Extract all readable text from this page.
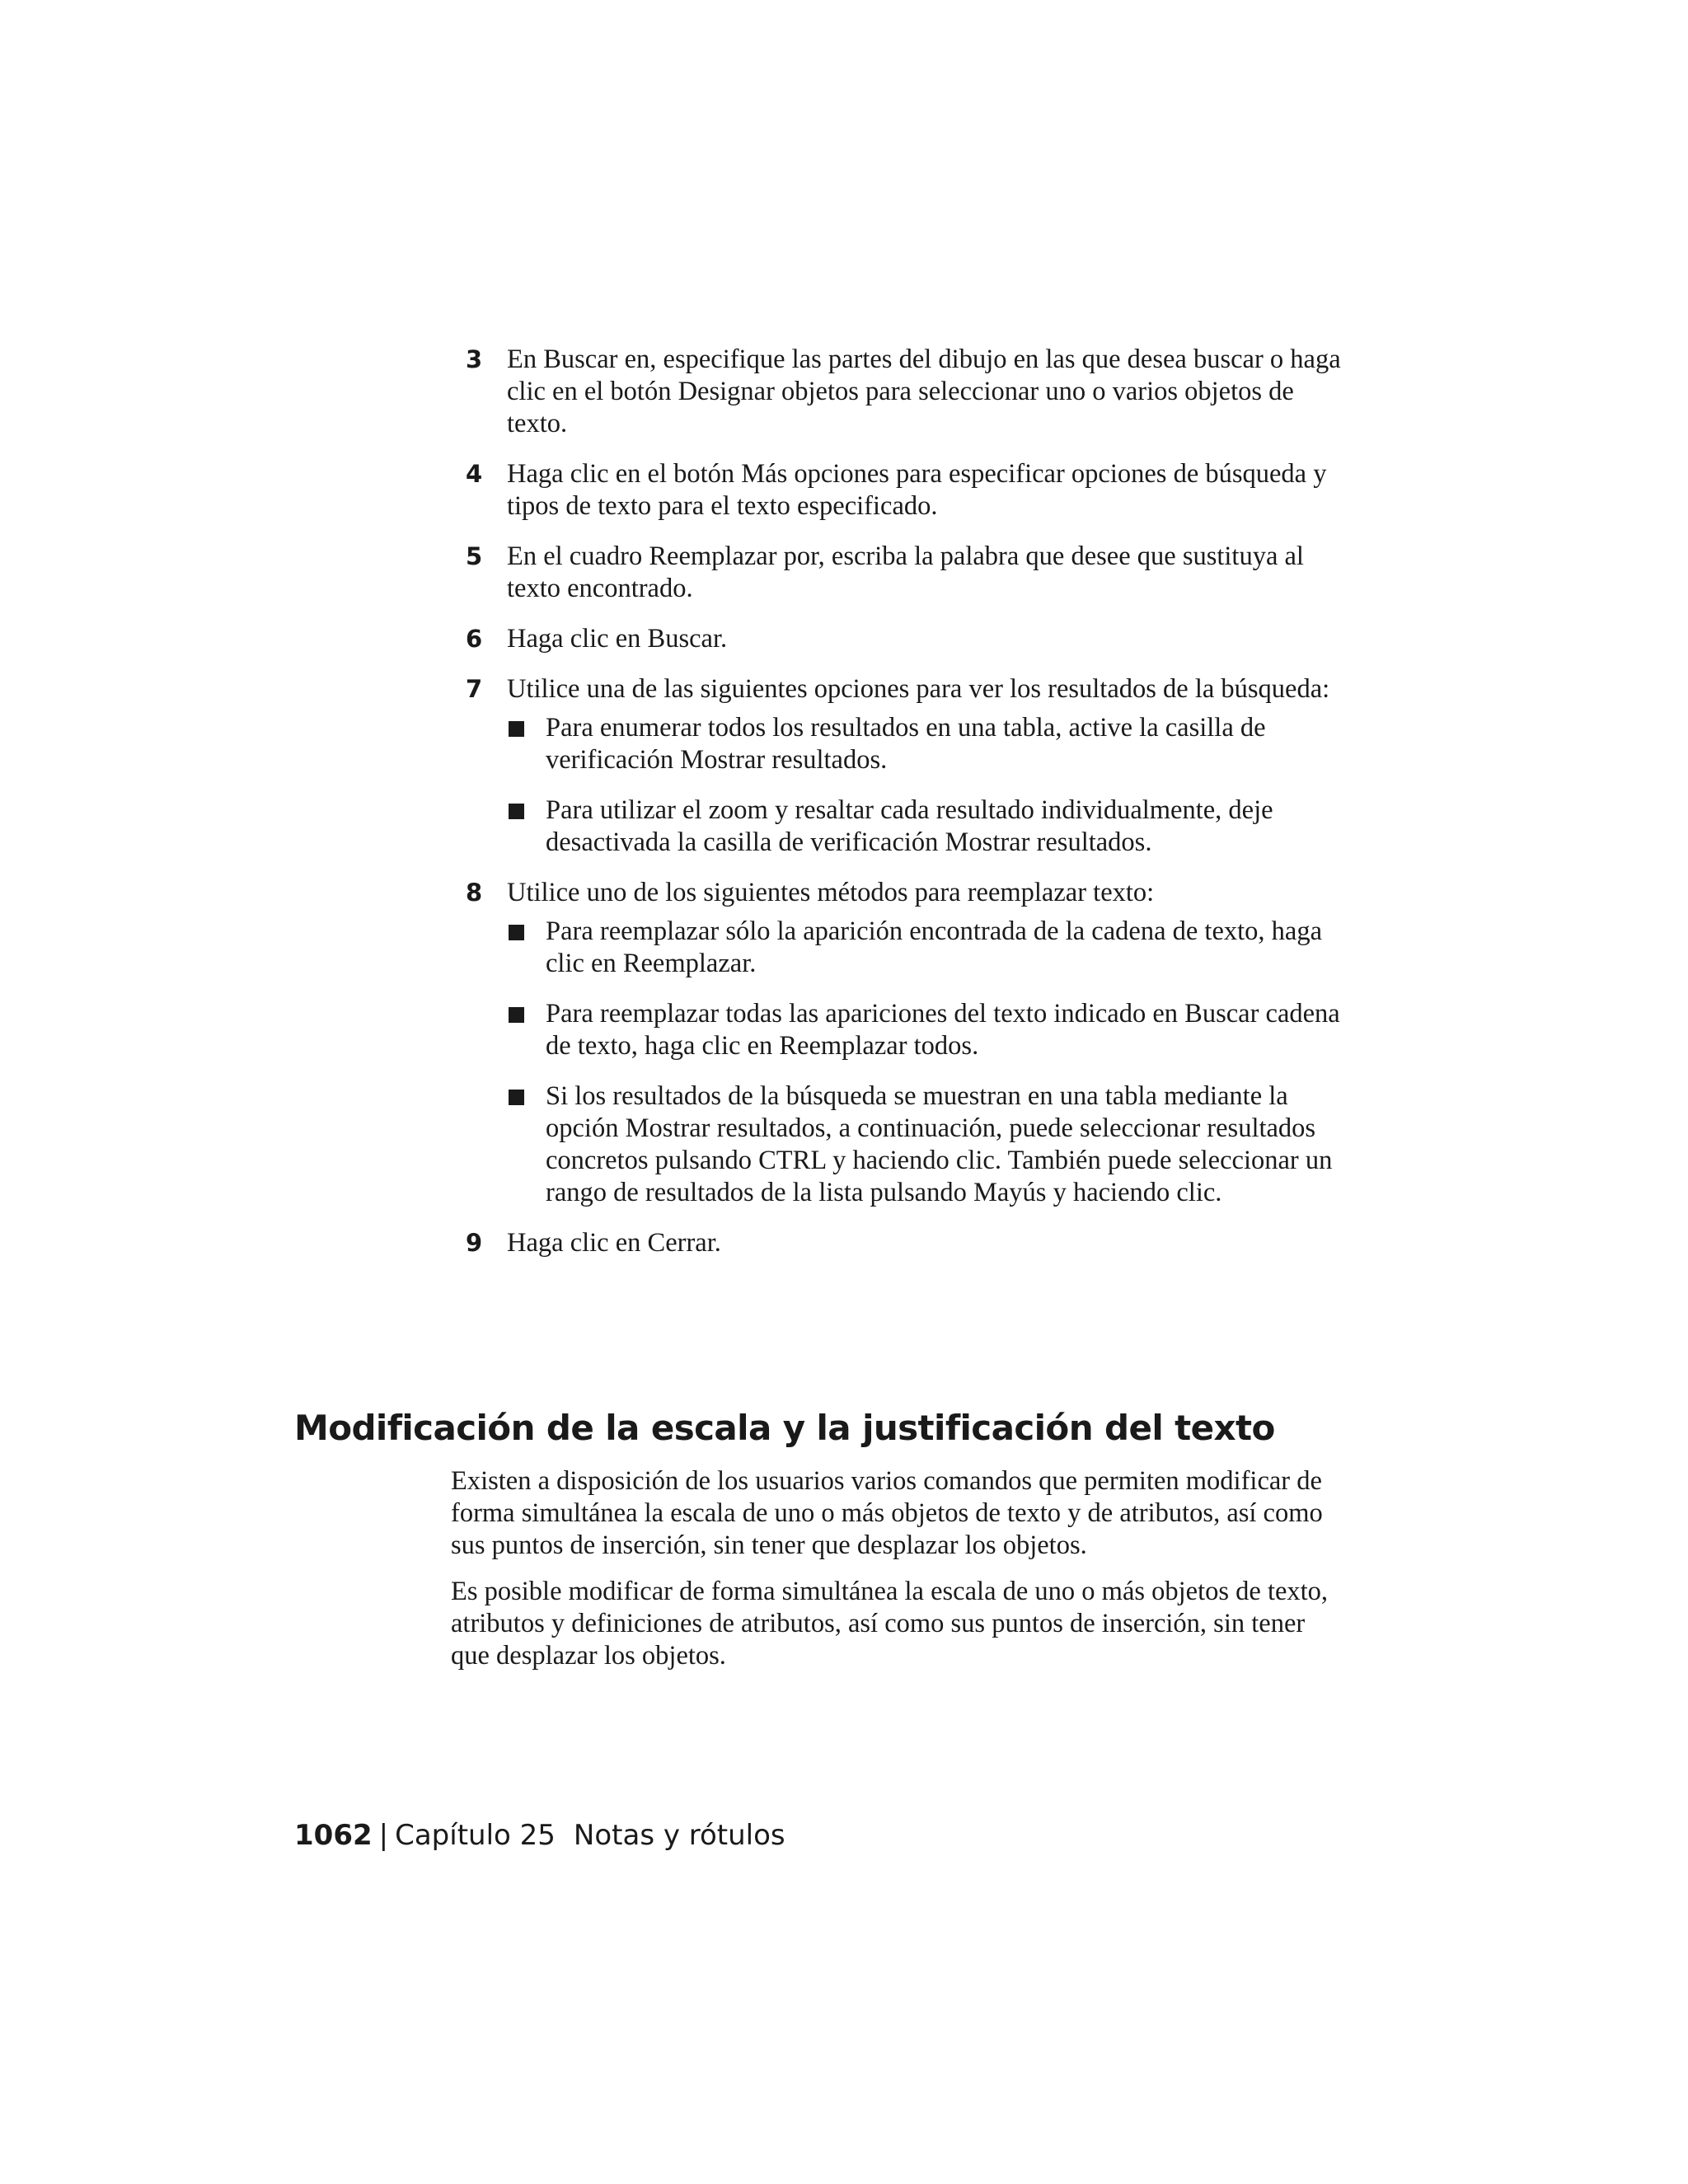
3 En Buscar en, especifique las partes del dibujo en las que desea buscar o haga clic en el botón Designar objetos para seleccionar uno o varios objetos de texto.
4 Haga clic en el botón Más opciones para especificar opciones de búsqueda y tipos de texto para el texto especificado.
5 En el cuadro Reemplazar por, escriba la palabra que desee que sustituya al texto encontrado.
6 Haga clic en Buscar.
7 Utilice una de las siguientes opciones para ver los resultados de la búsqueda:
Para enumerar todos los resultados en una tabla, active la casilla de verificación Mostrar resultados.
Para utilizar el zoom y resaltar cada resultado individualmente, deje desactivada la casilla de verificación Mostrar resultados.
8 Utilice uno de los siguientes métodos para reemplazar texto:
Para reemplazar sólo la aparición encontrada de la cadena de texto, haga clic en Reemplazar.
Para reemplazar todas las apariciones del texto indicado en Buscar cadena de texto, haga clic en Reemplazar todos.
Si los resultados de la búsqueda se muestran en una tabla mediante la opción Mostrar resultados, a continuación, puede seleccionar resultados concretos pulsando CTRL y haciendo clic. También puede seleccionar un rango de resultados de la lista pulsando Mayús y haciendo clic.
9 Haga clic en Cerrar.
Modificación de la escala y la justificación del texto

Existen a disposición de los usuarios varios comandos que permiten modificar de forma simultánea la escala de uno o más objetos de texto y de atributos, así como sus puntos de inserción, sin tener que desplazar los objetos.

Es posible modificar de forma simultánea la escala de uno o más objetos de texto, atributos y definiciones de atributos, así como sus puntos de inserción, sin tener que desplazar los objetos.

1062 | Capítulo 25 Notas y rótulos
